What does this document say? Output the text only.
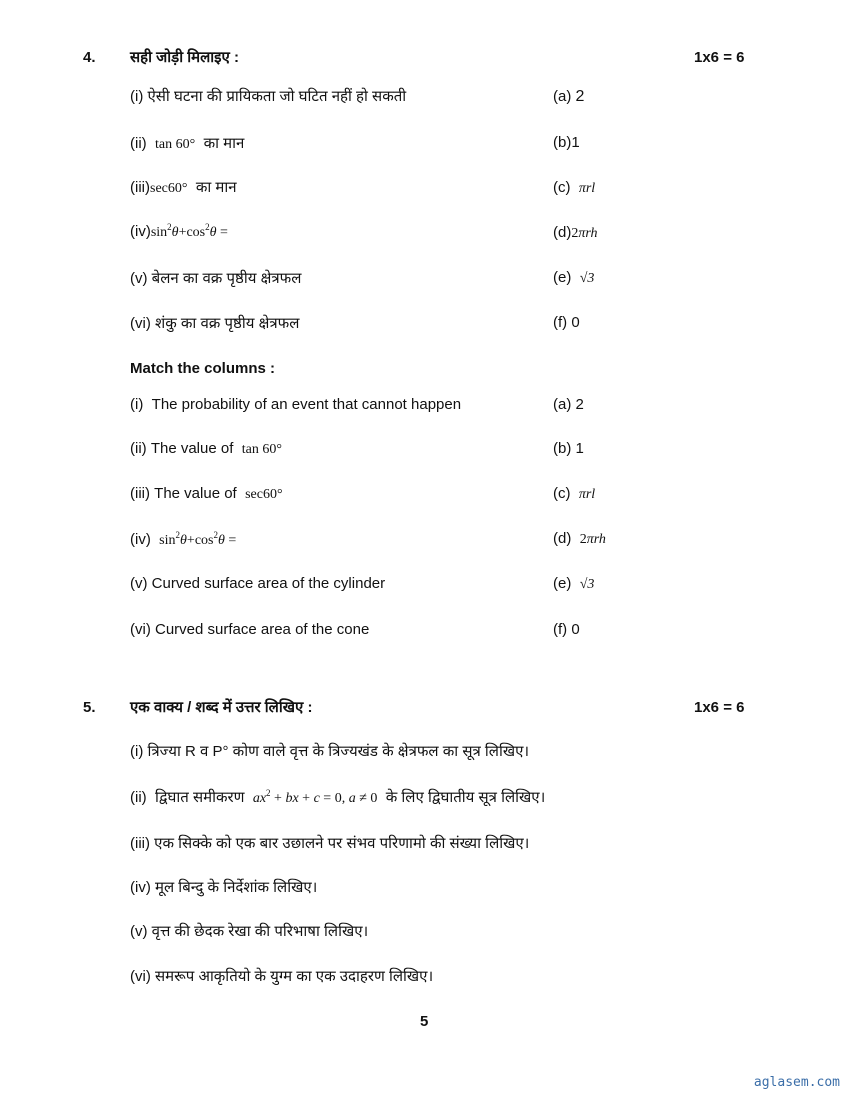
4. सही जोड़ी मिलाइए :	1x6 = 6
(i) ऐसी घटना की प्रायिकता जो घटित नहीं हो सकती
(ii) tan 60° का मान
(iii)sec60° का मान
$(iv)\sin^2\theta+\cos^2\theta$ =
(v) बेलन का वक्र पृष्ठीय क्षेत्रफल
(vi) शंकु का वक्र पृष्ठीय क्षेत्रफल
(a) 2
(b)1
(c) πrl
(d)2πrh
(e) √3
(f) 0
Match the columns :
(i) The probability of an event that cannot happen
(ii) The value of tan 60°
(iii) The value of sec60°
(iv) $\sin^2\theta+\cos^2\theta$ =
(v) Curved surface area of the cylinder
(vi) Curved surface area of the cone
(a) 2
(b) 1
(c) πrl
(d) 2πrh
(e) √3
(f) 0
5. एक वाक्य / शब्द में उत्तर लिखिए :	1x6 = 6
(i) त्रिज्या R व P° कोण वाले वृत्त के त्रिज्यखंड के क्षेत्रफल का सूत्र लिखिए।
(ii) द्विघात समीकरण $ax^2$ + bx + c = 0, a ≠ 0 के लिए द्विघातीय सूत्र लिखिए।
(iii) एक सिक्के को एक बार उछालने पर संभव परिणामो की संख्या लिखिए।
(iv) मूल बिन्दु के निर्देशांक लिखिए।
(v) वृत्त की छेदक रेखा की परिभाषा लिखिए।
(vi) समरूप आकृतियो के युग्म का एक उदाहरण लिखिए।
5
aglasem.com
